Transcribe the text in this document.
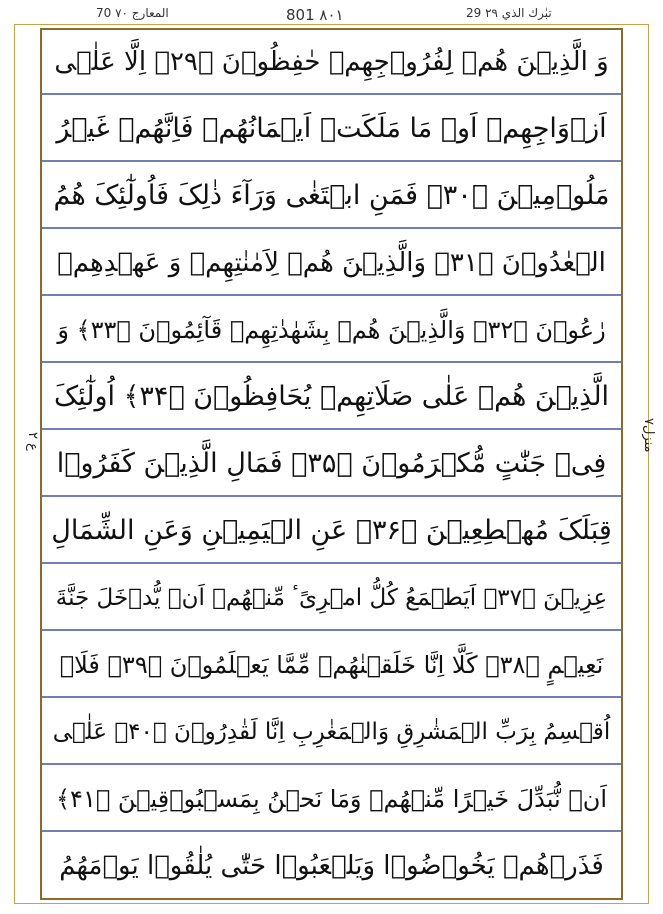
70 المعارج ٧٠	801 ٨٠١	29 تبٰرك الذي ٢٩
منزل٧
ع ٢
وَ الَّذِیۡنَ هُمۡ لِفُرُوۡجِهِمۡ حٰفِظُوۡنَ ﴿۲۹﴾ اِلَّا عَلٰۤی
اَزۡوَاجِهِمۡ اَوۡ مَا مَلَکَتۡ اَیۡمَانُهُمۡ فَاِنَّهُمۡ غَیۡرُ
مَلُوۡمِیۡنَ ﴿۳۰﴾ فَمَنِ ابۡتَغٰی وَرَآءَ ذٰلِکَ فَاُولٰٓئِکَ هُمُ
الۡعٰدُوۡنَ ﴿۳۱﴾ وَالَّذِیۡنَ هُمۡ لِاَمٰنٰتِهِمۡ وَ عَهۡدِهِمۡ
رٰعُوۡنَ ﴿۳۲﴾ وَالَّذِیۡنَ هُمۡ بِشَهٰدٰتِهِمۡ قَآئِمُوۡنَ ﴿۳۳﴾ وَ
الَّذِیۡنَ هُمۡ عَلٰی صَلَاتِهِمۡ یُحَافِظُوۡنَ ﴿۳۴﴾ اُولٰٓئِکَ
فِیۡ جَنّٰتٍ مُّکۡرَمُوۡنَ ﴿۳۵﴾ فَمَالِ الَّذِیۡنَ کَفَرُوۡا
قِبَلَکَ مُهۡطِعِیۡنَ ﴿۳۶﴾ عَنِ الۡیَمِیۡنِ وَعَنِ الشِّمَالِ
عِزِیۡنَ ﴿۳۷﴾ اَیَطۡمَعُ کُلُّ امۡرِیًٴ مِّنۡهُمۡ اَنۡ یُّدۡخَلَ جَنَّةَ
نَعِیۡمٍ ﴿۳۸﴾ کَلَّا اِنَّا خَلَقۡنٰهُمۡ مِّمَّا یَعۡلَمُوۡنَ ﴿۳۹﴾ فَلَاۤ
اُقۡسِمُ بِرَبِّ الۡمَشٰرِقِ وَالۡمَغٰرِبِ اِنَّا لَقٰدِرُوۡنَ ﴿۴۰﴾ عَلٰۤی
اَنۡ نُّبَدِّلَ خَیۡرًا مِّنۡهُمۡ وَمَا نَحۡنُ بِمَسۡبُوۡقِیۡنَ ﴿۴۱﴾
فَذَرۡهُمۡ یَخُوۡضُوۡا وَیَلۡعَبُوۡا حَتّٰی یُلٰقُوۡا یَوۡمَهُمُ
